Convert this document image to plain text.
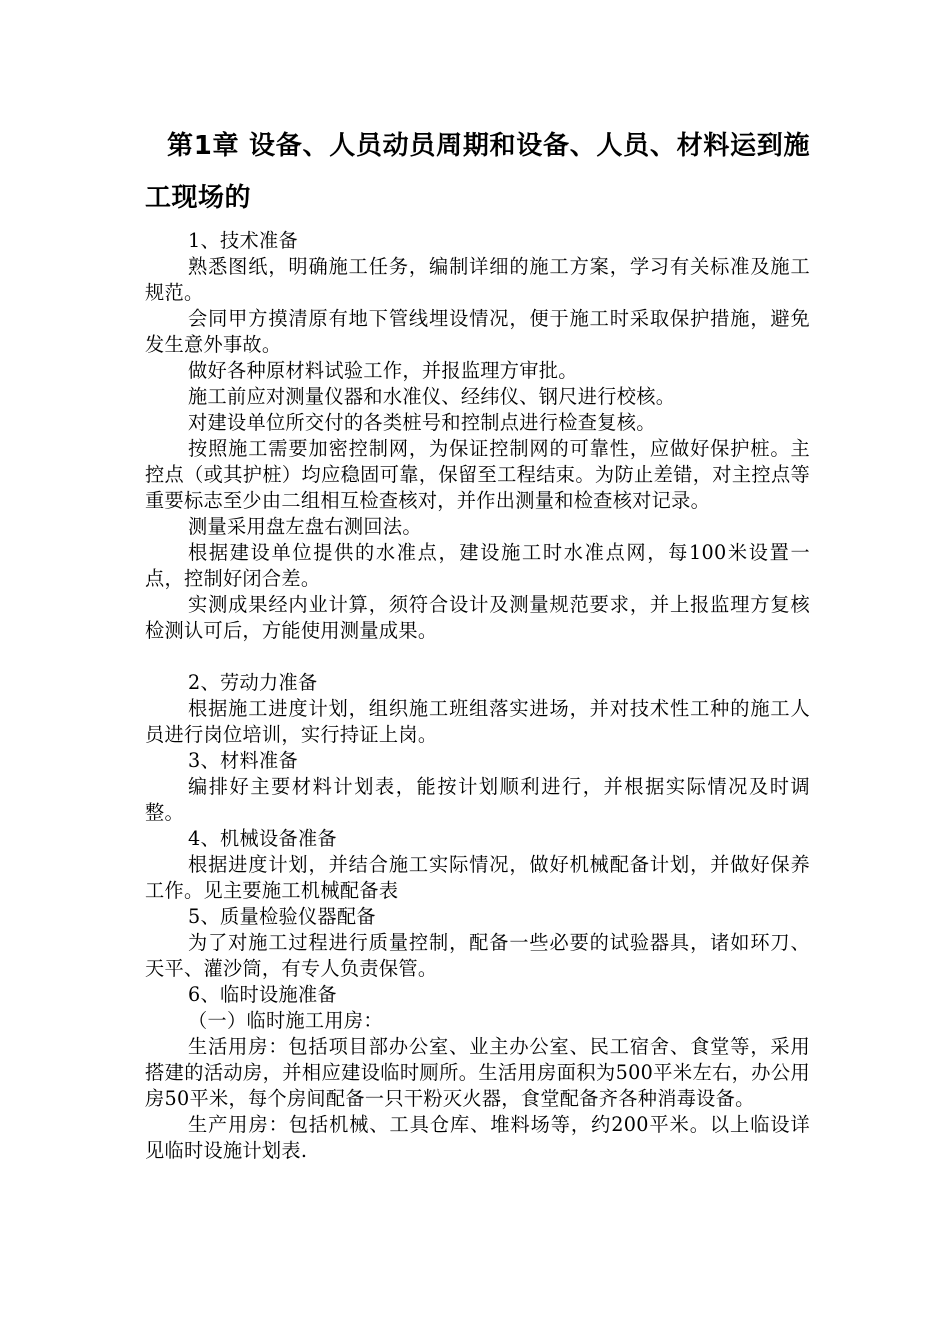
第1章 设备、人员动员周期和设备、人员、材料运到施工现场的

1、技术准备

熟悉图纸，明确施工任务，编制详细的施工方案，学习有关标准及施工规范。

会同甲方摸清原有地下管线埋设情况，便于施工时采取保护措施，避免发生意外事故。

做好各种原材料试验工作，并报监理方审批。

施工前应对测量仪器和水准仪、经纬仪、钢尺进行校核。

对建设单位所交付的各类桩号和控制点进行检查复核。

按照施工需要加密控制网，为保证控制网的可靠性，应做好保护桩。主控点（或其护桩）均应稳固可靠，保留至工程结束。为防止差错，对主控点等重要标志至少由二组相互检查核对，并作出测量和检查核对记录。

测量采用盘左盘右测回法。

根据建设单位提供的水准点，建设施工时水准点网，每100米设置一点，控制好闭合差。

实测成果经内业计算，须符合设计及测量规范要求，并上报监理方复核检测认可后，方能使用测量成果。

2、劳动力准备

根据施工进度计划，组织施工班组落实进场，并对技术性工种的施工人员进行岗位培训，实行持证上岗。

3、材料准备

编排好主要材料计划表，能按计划顺利进行，并根据实际情况及时调整。

4、机械设备准备

根据进度计划，并结合施工实际情况，做好机械配备计划，并做好保养工作。见主要施工机械配备表

5、质量检验仪器配备

为了对施工过程进行质量控制，配备一些必要的试验器具，诸如环刀、天平、灌沙筒，有专人负责保管。

6、临时设施准备

（一）临时施工用房：

生活用房：包括项目部办公室、业主办公室、民工宿舍、食堂等，采用搭建的活动房，并相应建设临时厕所。生活用房面积为500平米左右，办公用房50平米，每个房间配备一只干粉灭火器，食堂配备齐各种消毒设备。

生产用房：包括机械、工具仓库、堆料场等，约200平米。以上临设详见临时设施计划表.
